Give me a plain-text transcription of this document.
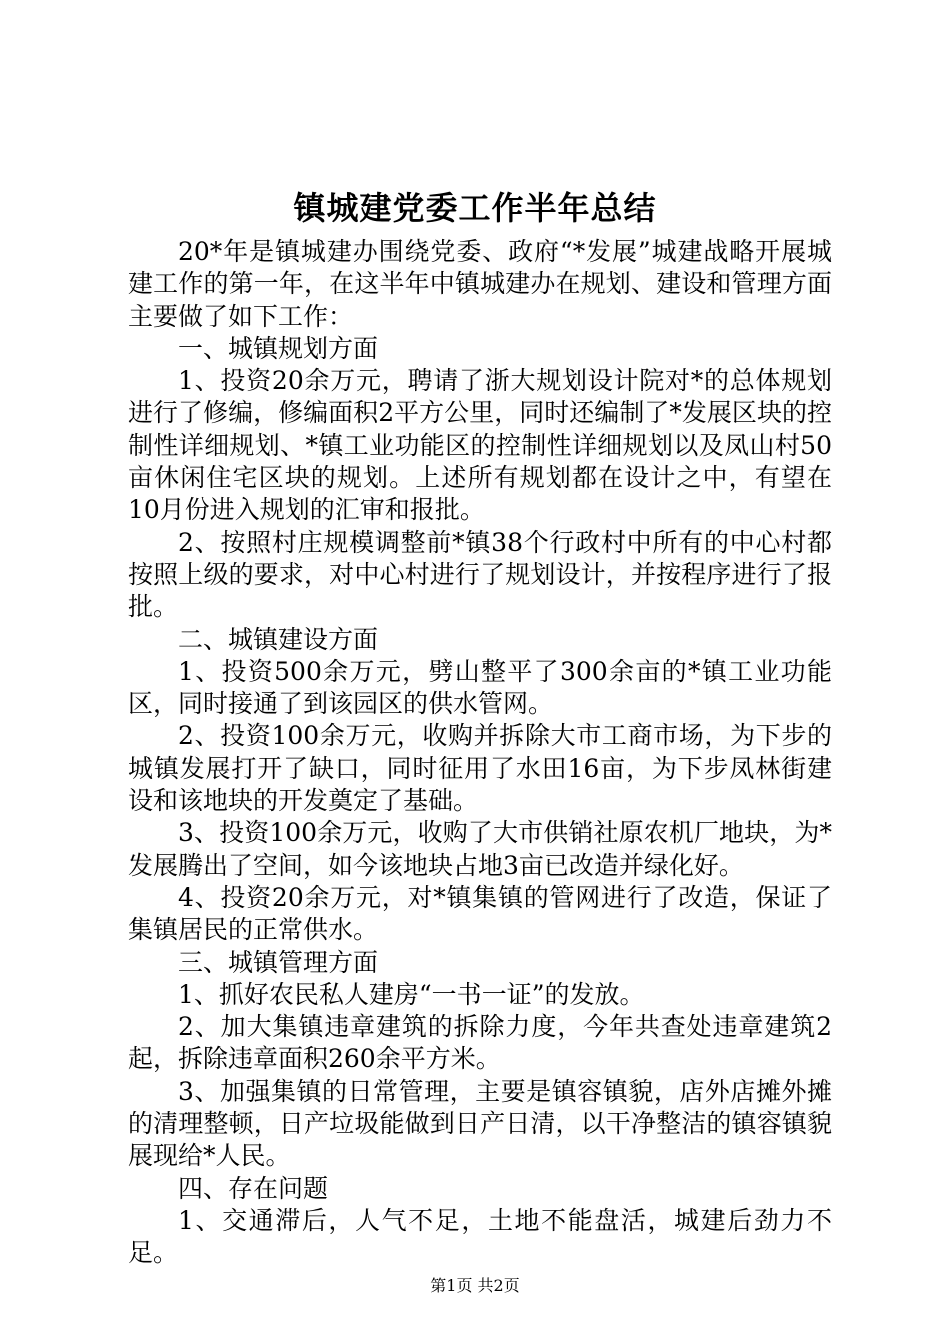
镇城建党委工作半年总结

20*年是镇城建办围绕党委、政府“*发展”城建战略开展城建工作的第一年，在这半年中镇城建办在规划、建设和管理方面主要做了如下工作：

一、城镇规划方面

1、投资20余万元，聘请了浙大规划设计院对*的总体规划进行了修编，修编面积2平方公里，同时还编制了*发展区块的控制性详细规划、*镇工业功能区的控制性详细规划以及凤山村50亩休闲住宅区块的规划。上述所有规划都在设计之中，有望在10月份进入规划的汇审和报批。

2、按照村庄规模调整前*镇38个行政村中所有的中心村都按照上级的要求，对中心村进行了规划设计，并按程序进行了报批。

二、城镇建设方面

1、投资500余万元，劈山整平了300余亩的*镇工业功能区，同时接通了到该园区的供水管网。

2、投资100余万元，收购并拆除大市工商市场，为下步的城镇发展打开了缺口，同时征用了水田16亩，为下步凤林街建设和该地块的开发奠定了基础。

3、投资100余万元，收购了大市供销社原农机厂地块，为*发展腾出了空间，如今该地块占地3亩已改造并绿化好。

4、投资20余万元，对*镇集镇的管网进行了改造，保证了集镇居民的正常供水。

三、城镇管理方面

1、抓好农民私人建房“一书一证”的发放。

2、加大集镇违章建筑的拆除力度，今年共查处违章建筑2起，拆除违章面积260余平方米。

3、加强集镇的日常管理，主要是镇容镇貌，店外店摊外摊的清理整顿，日产垃圾能做到日产日清，以干净整洁的镇容镇貌展现给*人民。

四、存在问题

1、交通滞后，人气不足，土地不能盘活，城建后劲力不足。

第1页 共2页
